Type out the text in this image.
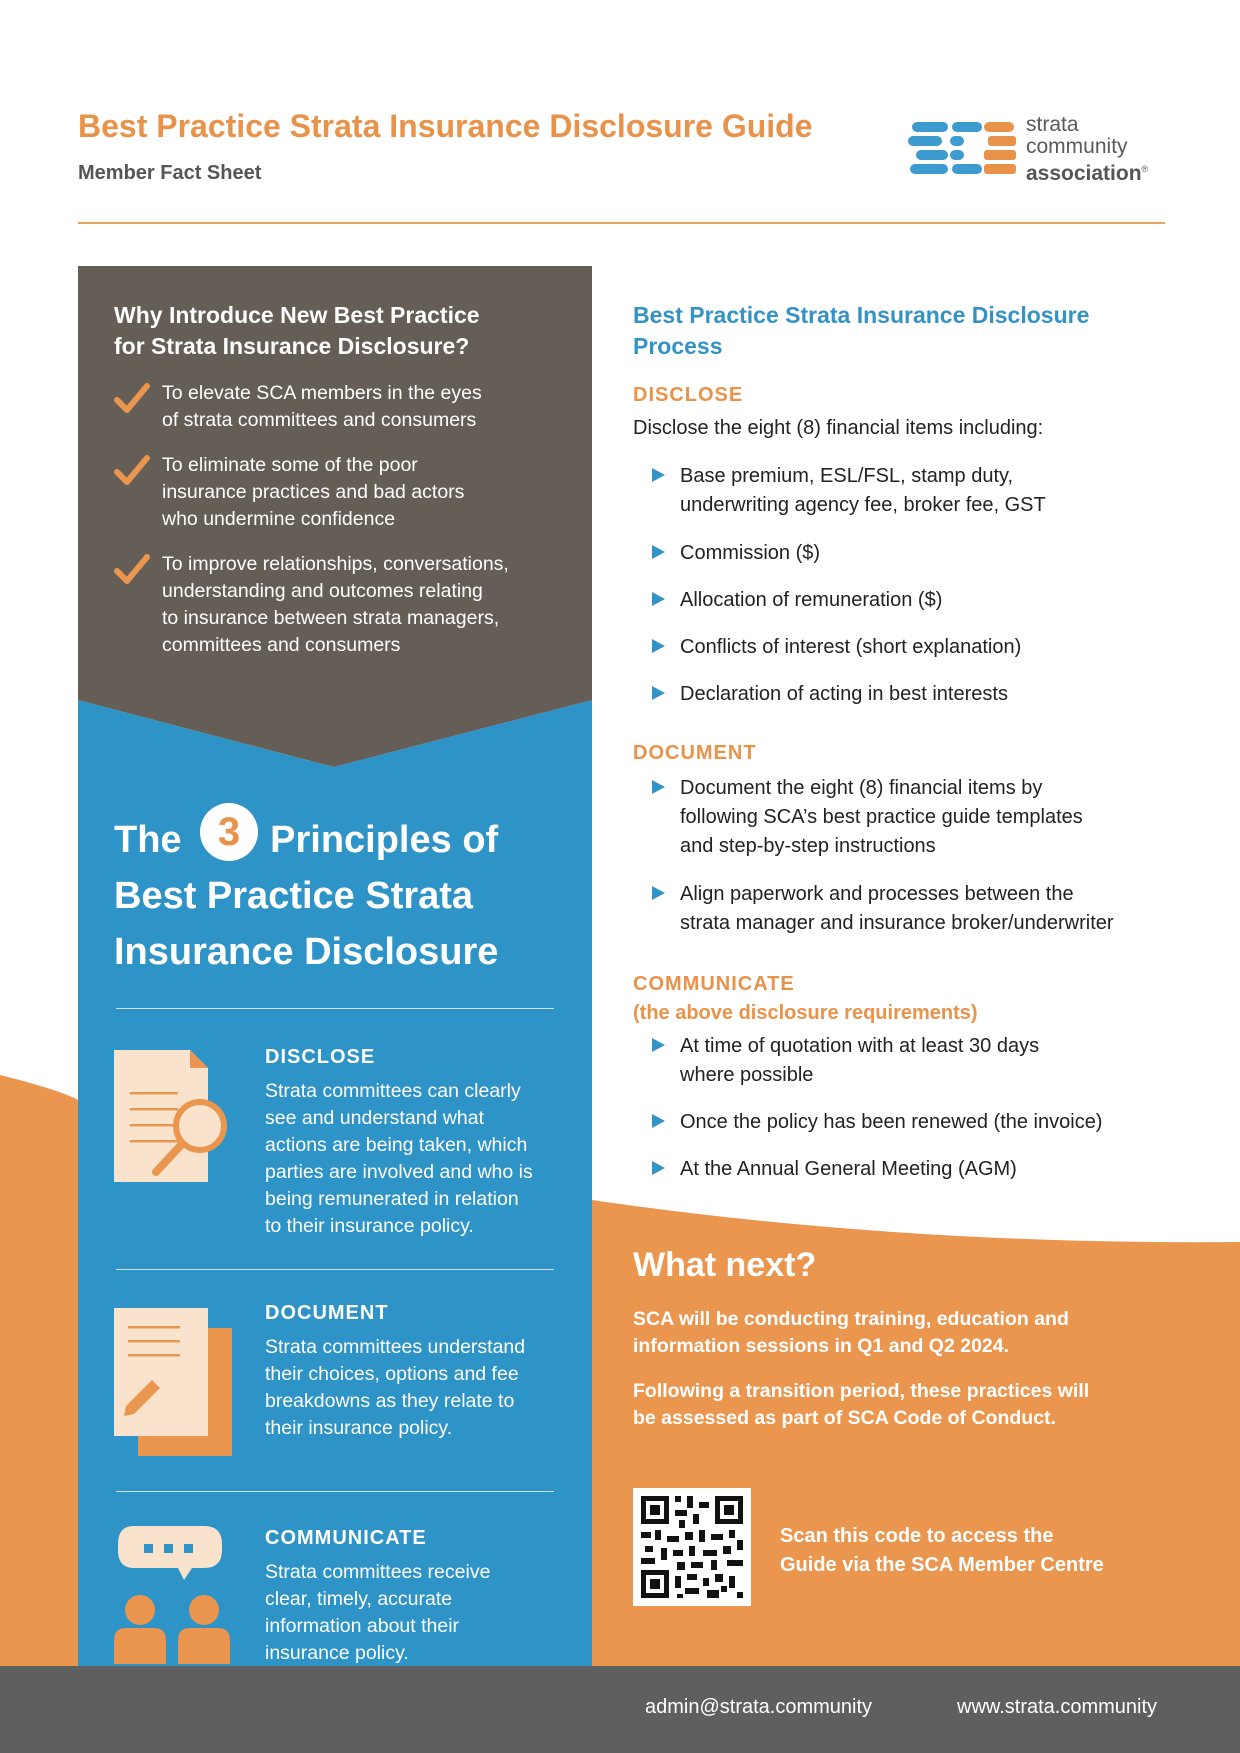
Best Practice Strata Insurance Disclosure Guide
Member Fact Sheet
strata
community
association®
Why Introduce New Best Practice
for Strata Insurance Disclosure?
To elevate SCA members in the eyes
of strata committees and consumers
To eliminate some of the poor
insurance practices and bad actors
who undermine confidence
To improve relationships, conversations,
understanding and outcomes relating
to insurance between strata managers,
committees and consumers
The Principles of
Best Practice Strata
Insurance Disclosure
3
DISCLOSE
Strata committees can clearly
see and understand what
actions are being taken, which
parties are involved and who is
being remunerated in relation
to their insurance policy.
DOCUMENT
Strata committees understand
their choices, options and fee
breakdowns as they relate to
their insurance policy.
COMMUNICATE
Strata committees receive
clear, timely, accurate
information about their
insurance policy.
Best Practice Strata Insurance Disclosure
Process
DISCLOSE
Disclose the eight (8) financial items including:
Base premium, ESL/FSL, stamp duty,
underwriting agency fee, broker fee, GST
Commission ($)
Allocation of remuneration ($)
Conflicts of interest (short explanation)
Declaration of acting in best interests
DOCUMENT
Document the eight (8) financial items by
following SCA’s best practice guide templates
and step-by-step instructions
Align paperwork and processes between the
strata manager and insurance broker/underwriter
COMMUNICATE
(the above disclosure requirements)
At time of quotation with at least 30 days
where possible
Once the policy has been renewed (the invoice)
At the Annual General Meeting (AGM)
What next?
SCA will be conducting training, education and
information sessions in Q1 and Q2 2024.
Following a transition period, these practices will
be assessed as part of SCA Code of Conduct.
Scan this code to access the
Guide via the SCA Member Centre
admin@strata.community	www.strata.community
